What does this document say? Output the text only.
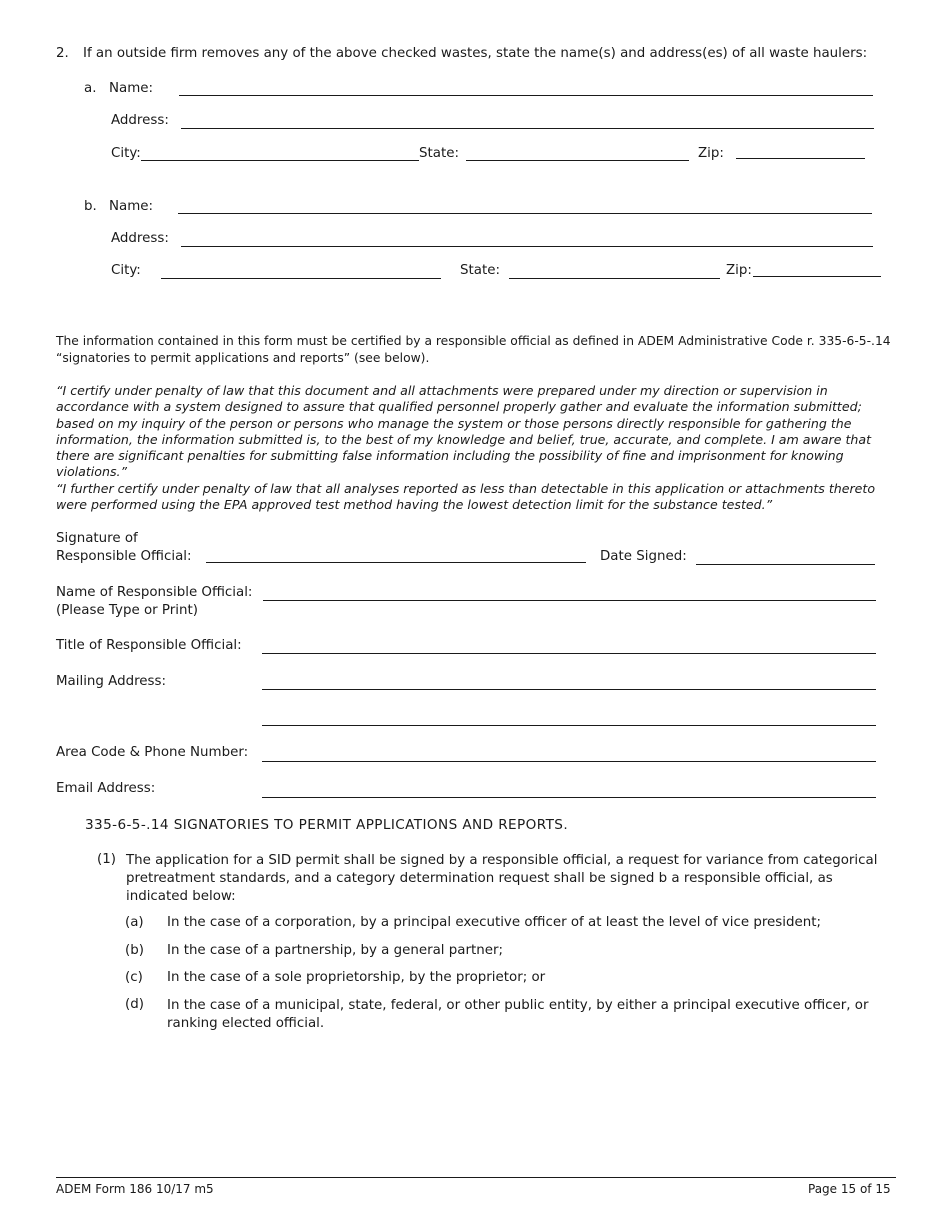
2. If an outside firm removes any of the above checked wastes, state the name(s) and address(es) of all waste haulers:
a. Name:
Address:
City:	State:	Zip:
b. Name:
Address:
City:	State:	Zip:
The information contained in this form must be certified by a responsible official as defined in ADEM Administrative Code r. 335-6-5-.14
“signatories to permit applications and reports” (see below).
“I certify under penalty of law that this document and all attachments were prepared under my direction or supervision in accordance with a system designed to assure that qualified personnel properly gather and evaluate the information submitted; based on my inquiry of the person or persons who manage the system or those persons directly responsible for gathering the information, the information submitted is, to the best of my knowledge and belief, true, accurate, and complete. I am aware that there are significant penalties for submitting false information including the possibility of fine and imprisonment for knowing violations.”
“I further certify under penalty of law that all analyses reported as less than detectable in this application or attachments thereto were performed using the EPA approved test method having the lowest detection limit for the substance tested.”
Signature of
Responsible Official:	Date Signed:
Name of Responsible Official:
(Please Type or Print)
Title of Responsible Official:
Mailing Address:
Area Code & Phone Number:
Email Address:
335-6-5-.14 SIGNATORIES TO PERMIT APPLICATIONS AND REPORTS.
(1) The application for a SID permit shall be signed by a responsible official, a request for variance from categorical pretreatment standards, and a category determination request shall be signed b a responsible official, as indicated below:
(a) In the case of a corporation, by a principal executive officer of at least the level of vice president;
(b) In the case of a partnership, by a general partner;
(c) In the case of a sole proprietorship, by the proprietor; or
(d) In the case of a municipal, state, federal, or other public entity, by either a principal executive officer, or ranking elected official.
ADEM Form 186 10/17 m5	Page 15 of 15
